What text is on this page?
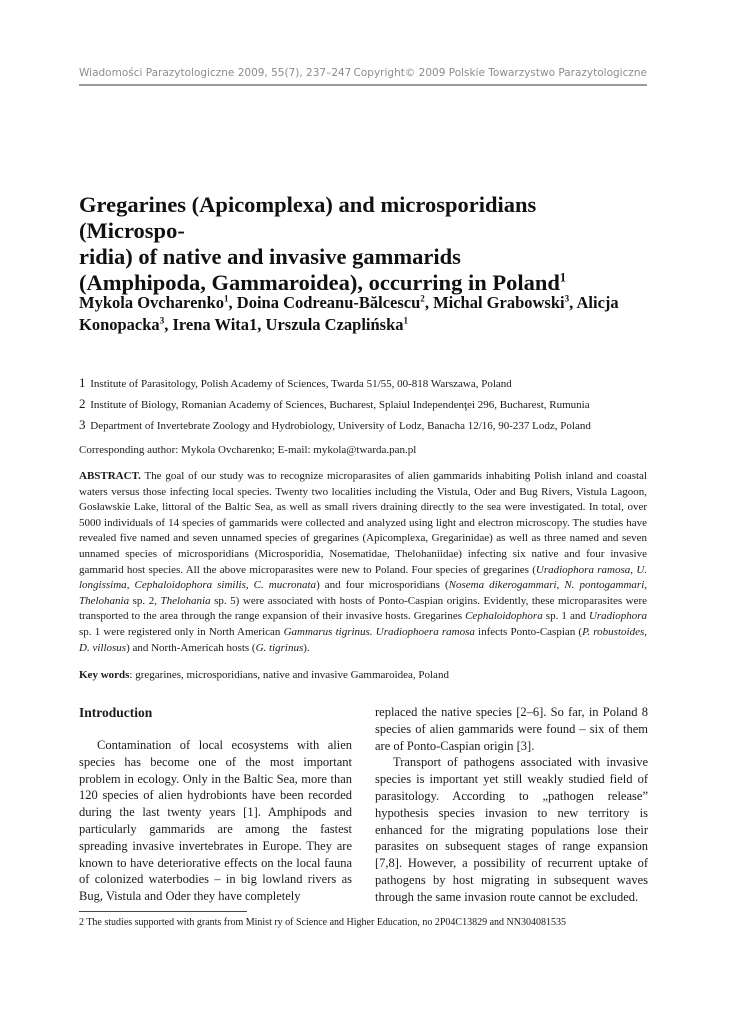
Wiadomości Parazytologiczne 2009, 55(7), 237–247 Copyright© 2009 Polskie Towarzystwo Parazytologiczne
Gregarines (Apicomplexa) and microsporidians (Microspo-
ridia) of native and invasive gammarids
(Amphipoda, Gammaroidea), occurring in Poland$^1$

Mykola Ovcharenko$^1$, Doina Codreanu-Bălcescu$^2$, Michal Grabowski$^3$, Alicja
Konopacka$^3$, Irena Wita1, Urszula Czaplińska$^1$

1 Institute of Parasitology, Polish Academy of Sciences, Twarda 51/55, 00-818 Warszawa, Poland
2 Institute of Biology, Romanian Academy of Sciences, Bucharest, Splaiul Independenţei 296, Bucharest, Rumunia
3 Department of Invertebrate Zoology and Hydrobiology, University of Lodz, Banacha 12/16, 90-237 Lodz, Poland
Corresponding author: Mykola Ovcharenko; E-mail: mykola@twarda.pan.pl

ABSTRACT. The goal of our study was to recognize microparasites of alien gammarids inhabiting Polish inland and coastal waters versus those infecting local species. Twenty two localities including the Vistula, Oder and Bug Rivers, Vistula Lagoon, Gosławskie Lake, littoral of the Baltic Sea, as well as small rivers draining directly to the sea were investigated. In total, over 5000 individuals of 14 species of gammarids were collected and analyzed using light and electron microscopy. The studies have revealed five named and seven unnamed species of gregarines (Apicomplexa, Gregarinidae) as well as three named and seven unnamed species of microsporidians (Microsporidia, Nosematidae, Thelohaniidae) infecting six native and four invasive gammarid host species. All the above microparasites were new to Poland. Four species of gregarines (Uradiophora ramosa, U. longissima, Cephaloidophora similis, C. mucronata) and four microsporidians (Nosema dikerogammari, N. pontogammari, Thelohania sp. 2, Thelohania sp. 5) were associated with hosts of Ponto-Caspian origins. Evidently, these microparasites were transported to the area through the range expansion of their invasive hosts. Gregarines Cephaloidophora sp. 1 and Uradiophora sp. 1 were registered only in North American Gammarus tigrinus. Uradiophoera ramosa infects Ponto-Caspian (P. robustoides, D. villosus) and North-Americah hosts (G. tigrinus).

Key words: gregarines, microsporidians, native and invasive Gammaroidea, Poland
Introduction

Contamination of local ecosystems with alien species has become one of the most important problem in ecology. Only in the Baltic Sea, more than 120 species of alien hydrobionts have been recorded during the last twenty years [1]. Amphipods and particularly gammarids are among the fastest spreading invasive invertebrates in Europe. They are known to have deteriorative effects on the local fauna of colonized waterbodies – in big lowland rivers as Bug, Vistula and Oder they have completely

replaced the native species [2–6]. So far, in Poland 8 species of alien gammarids were found – six of them are of Ponto-Caspian origin [3].

Transport of pathogens associated with invasive species is important yet still weakly studied field of parasitology. According to „pathogen release” hypothesis species invasion to new territory is enhanced for the migrating populations lose their parasites on subsequent stages of range expansion [7,8]. However, a possibility of recurrent uptake of pathogens by host migrating in subsequent waves through the same invasion route cannot be excluded.

2 The studies supported with grants from Minist ry of Science and Higher Education, no 2P04C13829 and NN304081535
